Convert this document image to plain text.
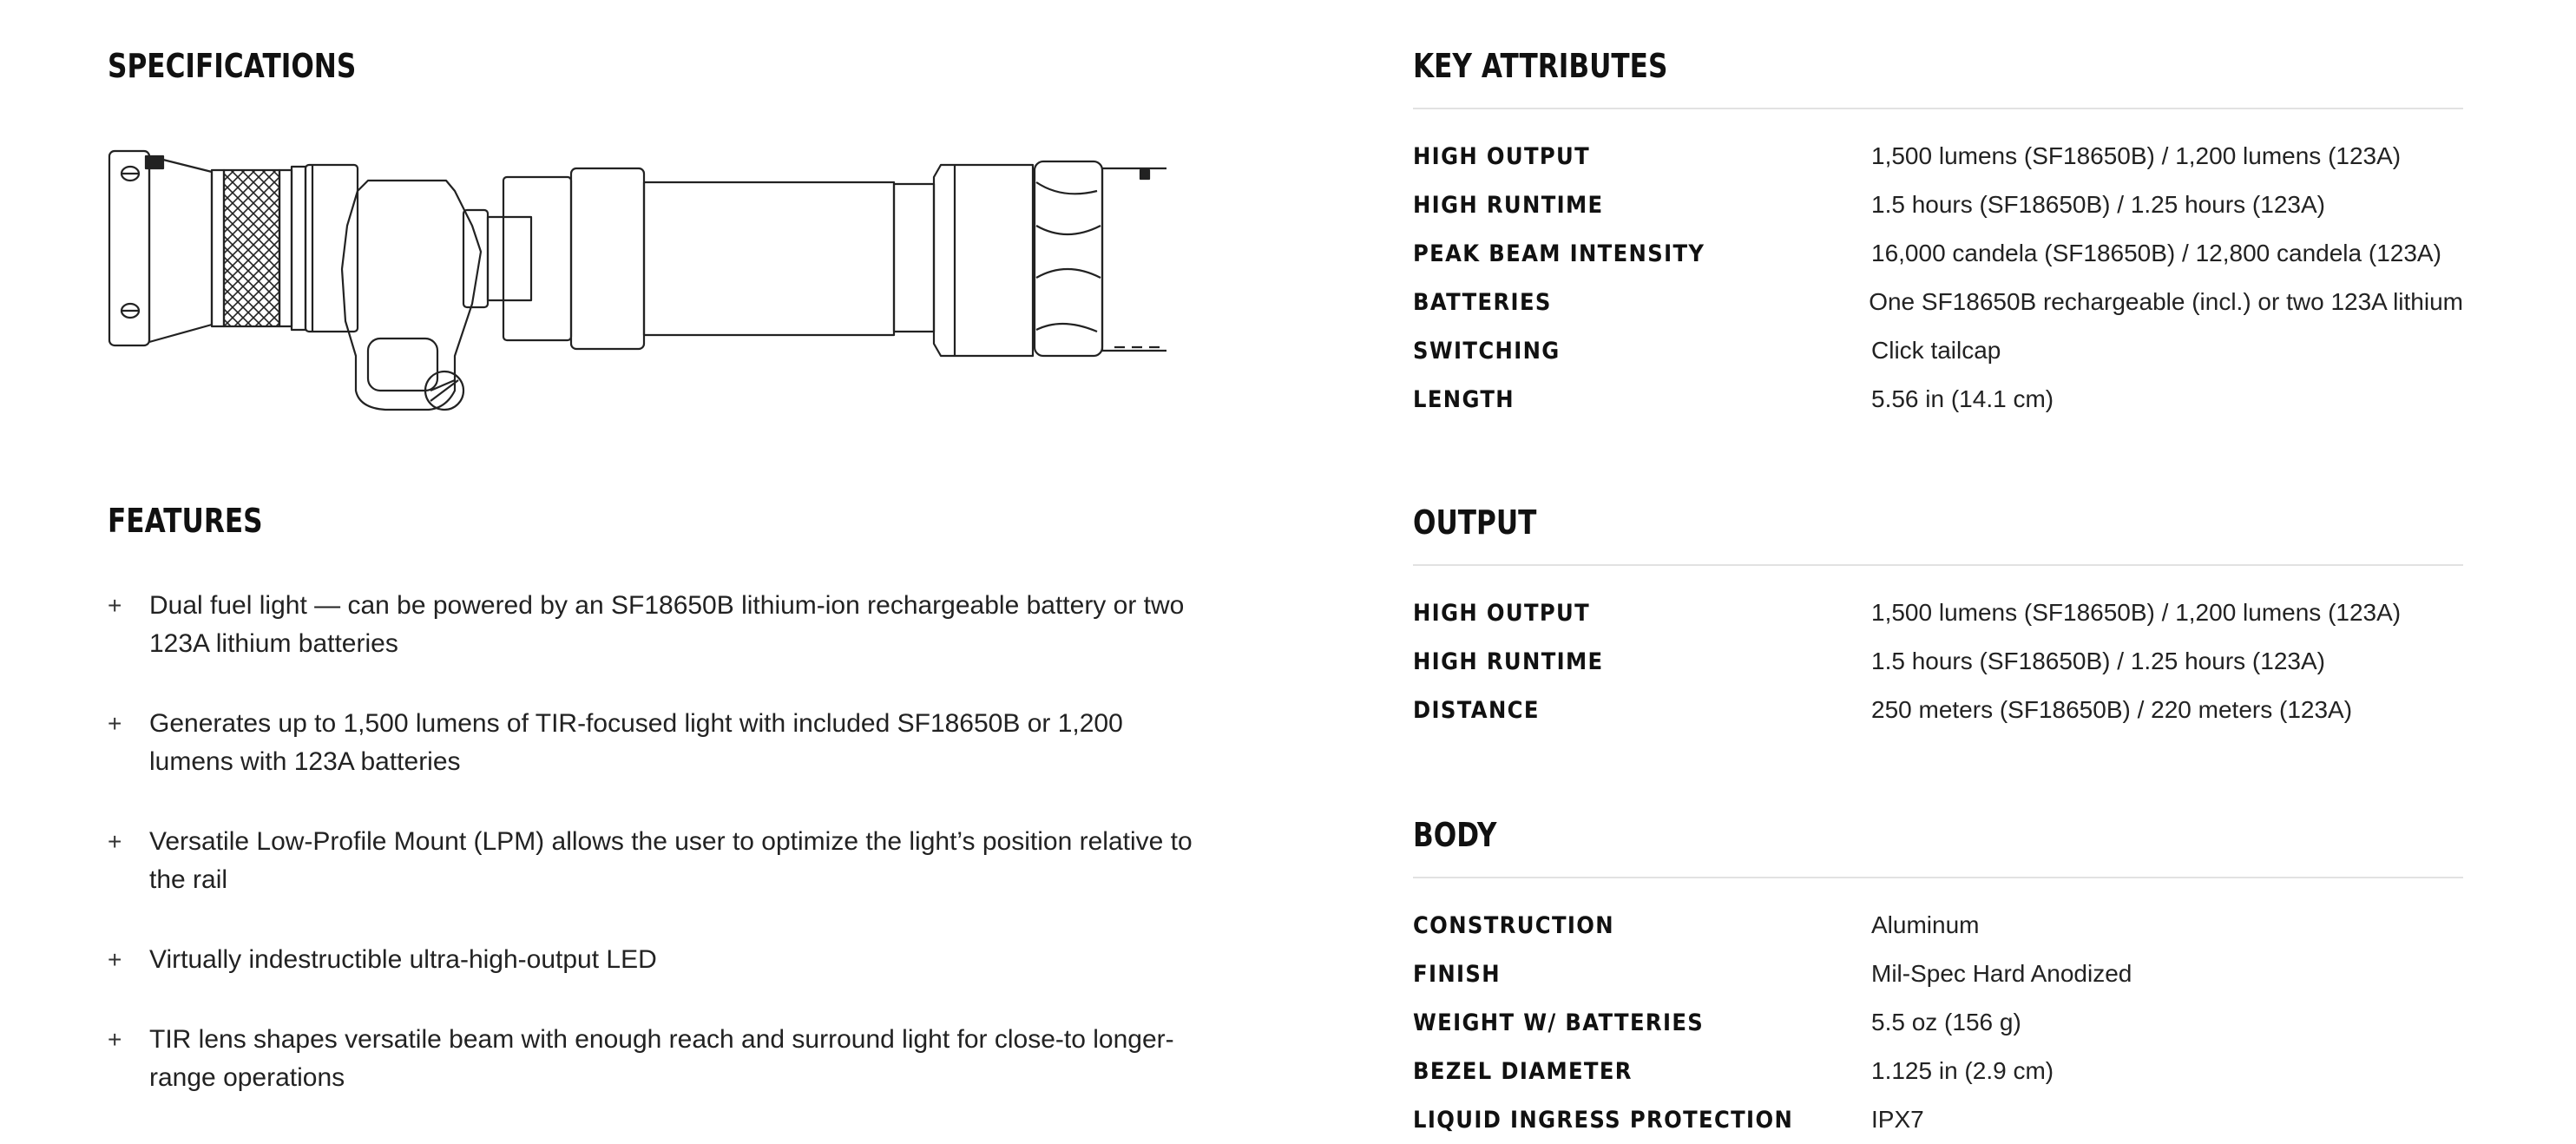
SPECIFICATIONS
FEATURES
+ Dual fuel light — can be powered by an SF18650B lithium-ion rechargeable battery or two 123A lithium batteries
+ Generates up to 1,500 lumens of TIR-focused light with included SF18650B or 1,200 lumens with 123A batteries
+ Versatile Low-Profile Mount (LPM) allows the user to optimize the light’s position relative to the rail
+ Virtually indestructible ultra-high-output LED
+ TIR lens shapes versatile beam with enough reach and surround light for close-to longer-range operations
KEY ATTRIBUTES
HIGH OUTPUT	1,500 lumens (SF18650B) / 1,200 lumens (123A)
HIGH RUNTIME	1.5 hours (SF18650B) / 1.25 hours (123A)
PEAK BEAM INTENSITY	16,000 candela (SF18650B) / 12,800 candela (123A)
BATTERIES	One SF18650B rechargeable (incl.) or two 123A lithium
SWITCHING	Click tailcap
LENGTH	5.56 in (14.1 cm)
OUTPUT
HIGH OUTPUT	1,500 lumens (SF18650B) / 1,200 lumens (123A)
HIGH RUNTIME	1.5 hours (SF18650B) / 1.25 hours (123A)
DISTANCE	250 meters (SF18650B) / 220 meters (123A)
BODY
CONSTRUCTION	Aluminum
FINISH	Mil-Spec Hard Anodized
WEIGHT W/ BATTERIES	5.5 oz (156 g)
BEZEL DIAMETER	1.125 in (2.9 cm)
LIQUID INGRESS PROTECTION	IPX7
